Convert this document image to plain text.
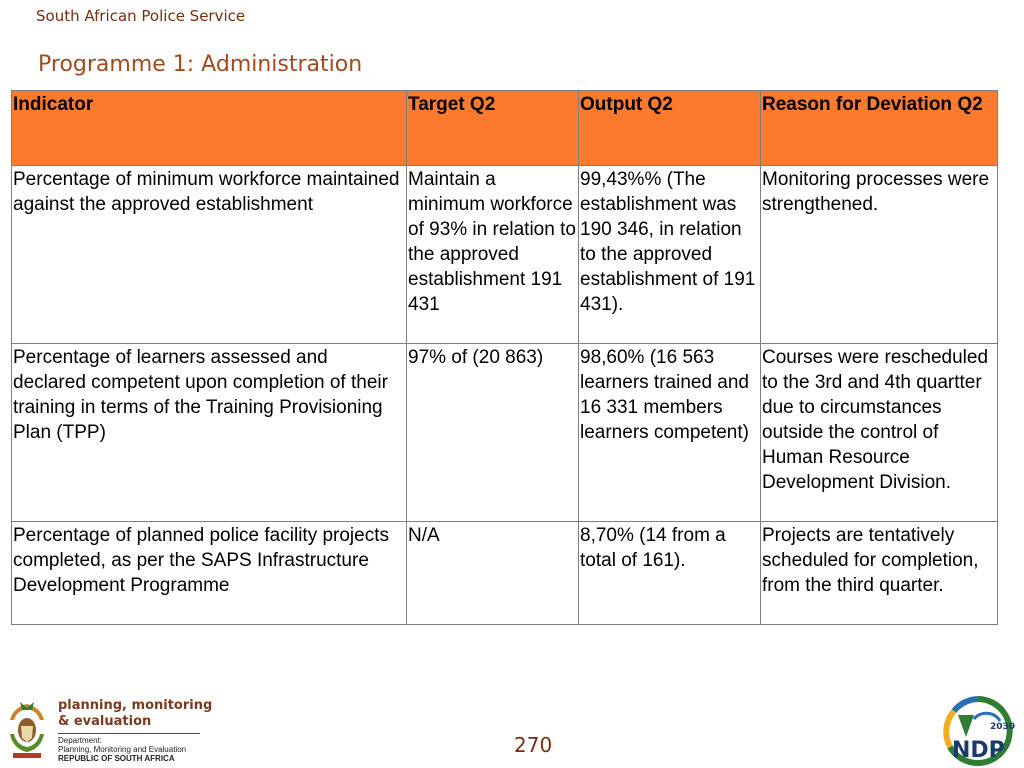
South African Police Service
Programme 1: Administration
Indicator	Target Q2	Output Q2	Reason for Deviation Q2
Percentage of minimum workforce maintained against the approved establishment	Maintain a minimum workforce of 93% in relation to the approved establishment 191 431	99,43%% (The establishment was 190 346, in relation to the approved establishment of 191 431).	Monitoring processes were strengthened.
Percentage of learners assessed and declared competent upon completion of their training in terms of the Training Provisioning Plan (TPP)	97% of (20 863)	98,60% (16 563 learners trained and 16 331 members learners competent)	Courses were rescheduled to the 3rd and 4th quartter due to circumstances outside the control of Human Resource Development Division.
Percentage of planned police facility projects completed, as per the SAPS Infrastructure Development Programme	N/A	8,70% (14 from a total of 161).	Projects are tentatively scheduled for completion, from the third quarter.
planning, monitoring
& evaluation
Department:
Planning, Monitoring and Evaluation
REPUBLIC OF SOUTH AFRICA
270
2030
NDP
